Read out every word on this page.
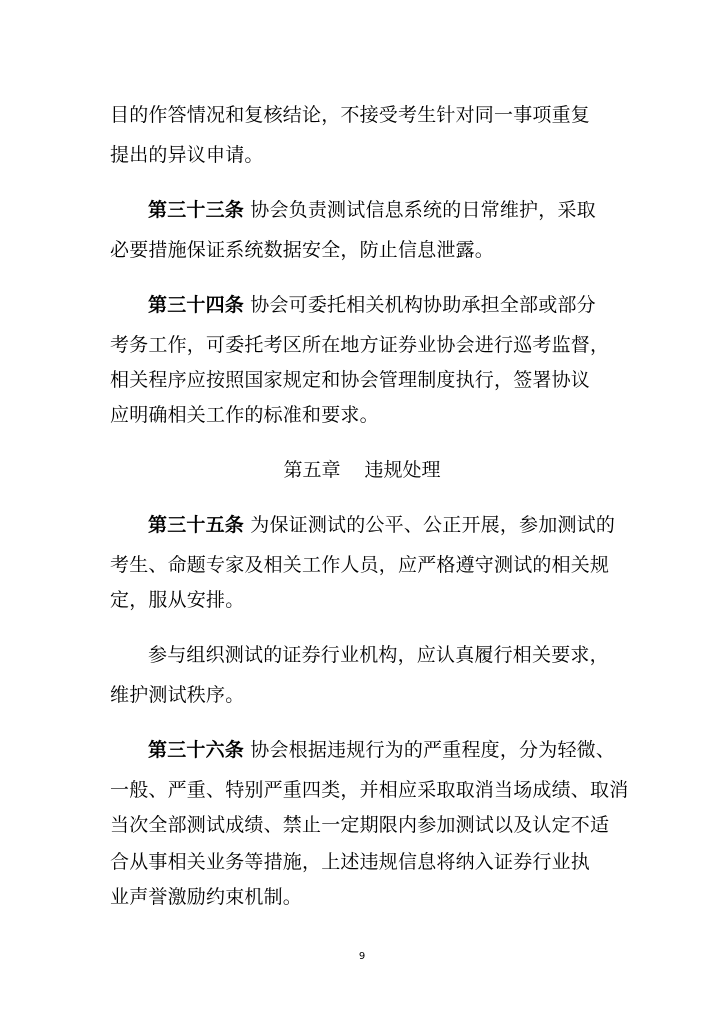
目的作答情况和复核结论，不接受考生针对同一事项重复
提出的异议申请。
第三十三条 协会负责测试信息系统的日常维护，采取
必要措施保证系统数据安全，防止信息泄露。
第三十四条 协会可委托相关机构协助承担全部或部分
考务工作，可委托考区所在地方证券业协会进行巡考监督，
相关程序应按照国家规定和协会管理制度执行，签署协议
应明确相关工作的标准和要求。
第五章 违规处理
第三十五条 为保证测试的公平、公正开展，参加测试的
考生、命题专家及相关工作人员，应严格遵守测试的相关规
定，服从安排。
参与组织测试的证券行业机构，应认真履行相关要求，
维护测试秩序。
第三十六条 协会根据违规行为的严重程度，分为轻微、
一般、严重、特别严重四类，并相应采取取消当场成绩、取消
当次全部测试成绩、禁止一定期限内参加测试以及认定不适
合从事相关业务等措施，上述违规信息将纳入证券行业执
业声誉激励约束机制。
9
